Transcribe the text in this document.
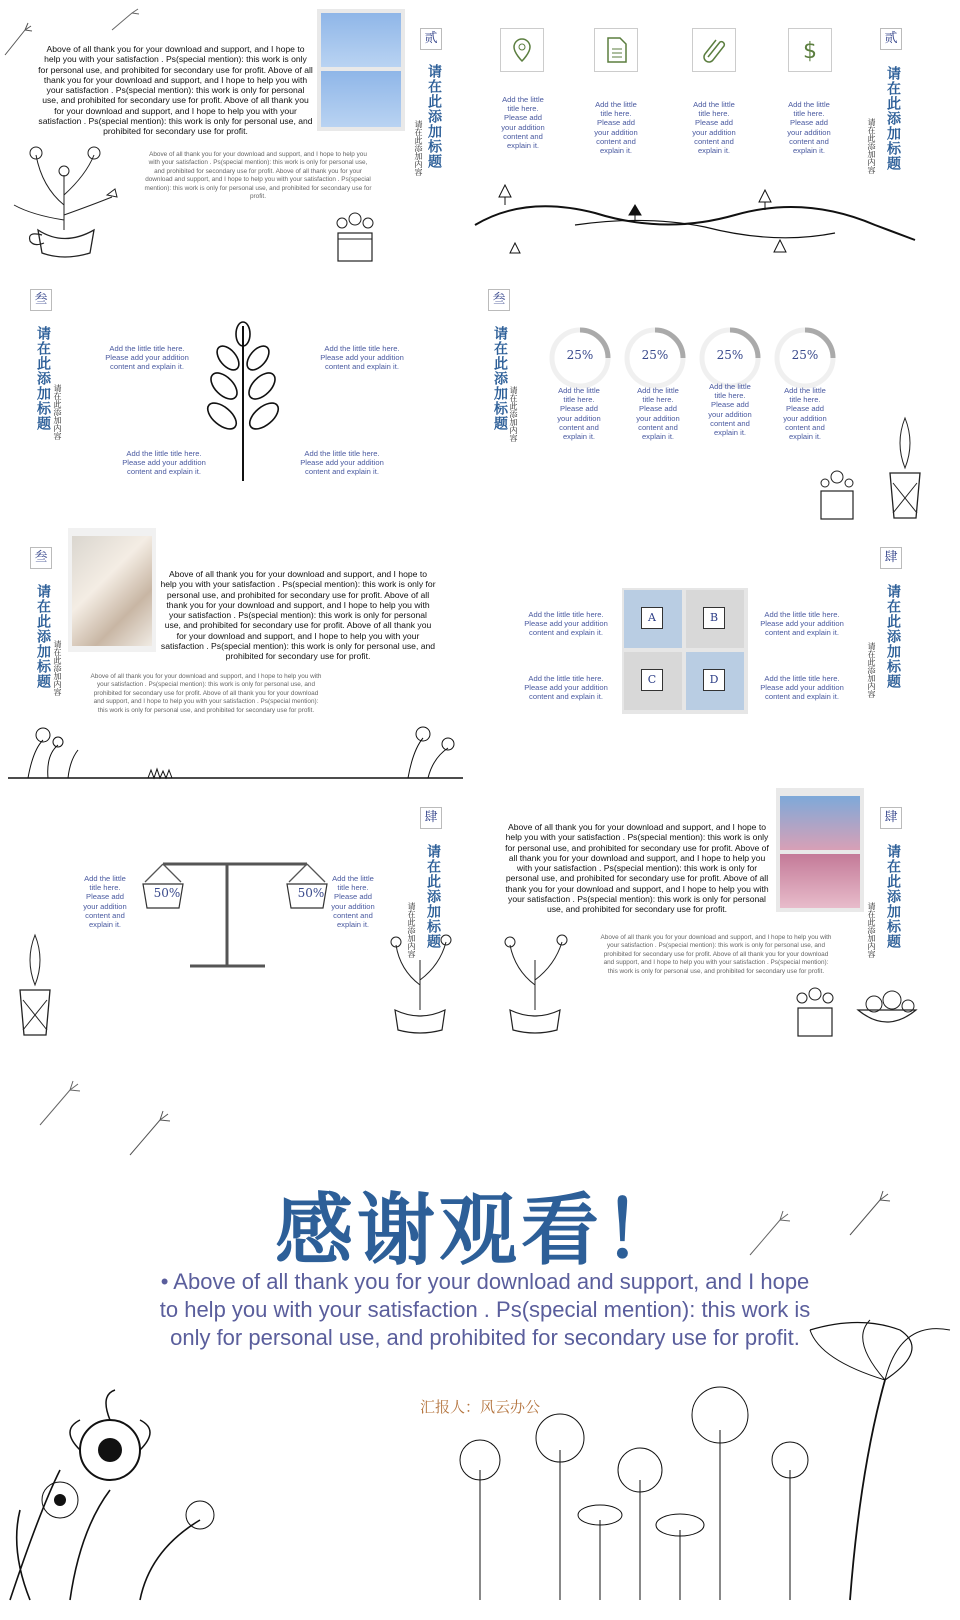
Above of all thank you for your download and support, and I hope to help you with your satisfaction . Ps(special mention): this work is only for personal use, and prohibited for secondary use for profit. Above of all thank you for your download and support, and I hope to help you with your satisfaction . Ps(special mention): this work is only for personal use, and prohibited for secondary use for profit. Above of all thank you for your download and support, and I hope to help you with your satisfaction . Ps(special mention): this work is only for personal use, and prohibited for secondary use for profit.
Above of all thank you for your download and support, and I hope to help you with your satisfaction . Ps(special mention): this work is only for personal use, and prohibited for secondary use for profit. Above of all thank you for your download and support, and I hope to help you with your satisfaction . Ps(special mention): this work is only for personal use, and prohibited for secondary use for profit.
贰
请在此添加标题
请在此添加内容
贰
请在此添加标题
请在此添加内容
$
Add the little title here. Please add your addition content and explain it.
Add the little title here. Please add your addition content and explain it.
Add the little title here. Please add your addition content and explain it.
Add the little title here. Please add your addition content and explain it.
叁
请在此添加标题 请在此添加内容
Add the little title here. Please add your addition content and explain it.
Add the little title here. Please add your addition content and explain it.
Add the little title here. Please add your addition content and explain it.
Add the little title here. Please add your addition content and explain it.
叁
请在此添加标题 请在此添加内容
25%	25%	25%	25%
Add the little title here. Please add your addition content and explain it.
Add the little title here. Please add your addition content and explain it.
Add the little title here. Please add your addition content and explain it.
Add the little title here. Please add your addition content and explain it.
叁
请在此添加标题 请在此添加内容
Above of all thank you for your download and support, and I hope to help you with your satisfaction . Ps(special mention): this work is only for personal use, and prohibited for secondary use for profit. Above of all thank you for your download and support, and I hope to help you with your satisfaction . Ps(special mention): this work is only for personal use, and prohibited for secondary use for profit. Above of all thank you for your download and support, and I hope to help you with your satisfaction . Ps(special mention): this work is only for personal use, and prohibited for secondary use for profit.
Above of all thank you for your download and support, and I hope to help you with your satisfaction . Ps(special mention): this work is only for personal use, and prohibited for secondary use for profit. Above of all thank you for your download and support, and I hope to help you with your satisfaction . Ps(special mention): this work is only for personal use, and prohibited for secondary use for profit.
肆
请在此添加标题
请在此添加内容
Add the little title here. Please add your addition content and explain it.
Add the little title here. Please add your addition content and explain it.
Add the little title here. Please add your addition content and explain it.
Add the little title here. Please add your addition content and explain it.
A	B
C	D
Add the little title here. Please add your addition content and explain it.
Add the little title here. Please add your addition content and explain it.
50%	50%
肆
请在此添加标题
请在此添加内容
Above of all thank you for your download and support, and I hope to help you with your satisfaction . Ps(special mention): this work is only for personal use, and prohibited for secondary use for profit. Above of all thank you for your download and support, and I hope to help you with your satisfaction . Ps(special mention): this work is only for personal use, and prohibited for secondary use for profit. Above of all thank you for your download and support, and I hope to help you with your satisfaction . Ps(special mention): this work is only for personal use, and prohibited for secondary use for profit.
Above of all thank you for your download and support, and I hope to help you with your satisfaction . Ps(special mention): this work is only for personal use, and prohibited for secondary use for profit. Above of all thank you for your download and support, and I hope to help you with your satisfaction . Ps(special mention): this work is only for personal use, and prohibited for secondary use for profit.
肆
请在此添加标题
请在此添加内容
感谢观看！
• Above of all thank you for your download and support, and I hope to help you with your satisfaction . Ps(special mention): this work is only for personal use, and prohibited for secondary use for profit.
汇报人：风云办公
